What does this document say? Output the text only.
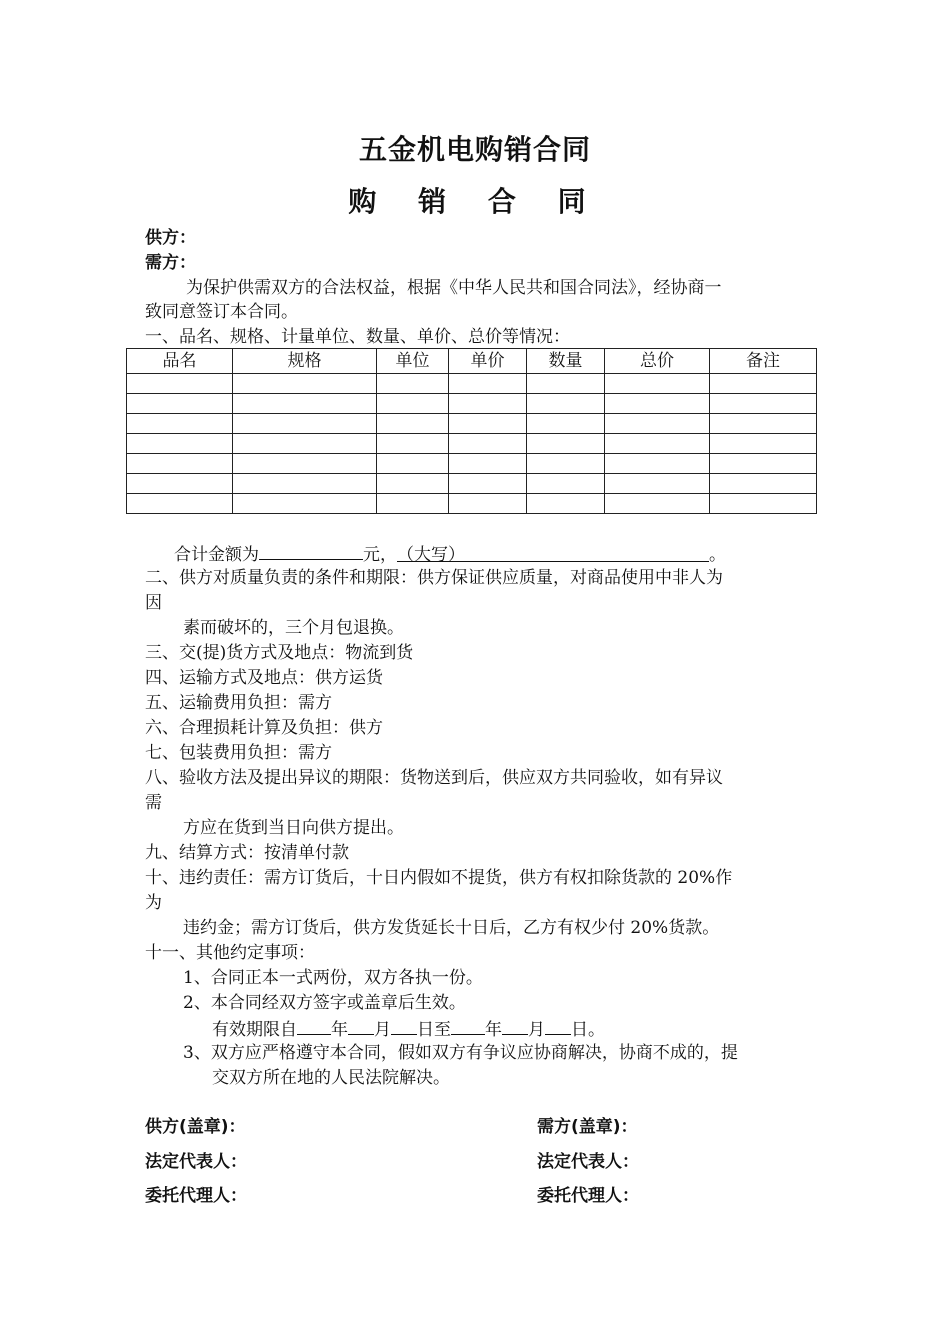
五金机电购销合同
购 销 合 同
供方：
需方：
为保护供需双方的合法权益，根据《中华人民共和国合同法》，经协商一
致同意签订本合同。
一、品名、规格、计量单位、数量、单价、总价等情况：
品名	规格	单位	单价	数量	总价	备注

合计金额为	元，（大写）	。
二、供方对质量负责的条件和期限：供方保证供应质量，对商品使用中非人为
因
素而破坏的，三个月包退换。
三、交(提)货方式及地点：物流到货
四、运输方式及地点：供方运货
五、运输费用负担：需方
六、合理损耗计算及负担：供方
七、包装费用负担：需方
八、验收方法及提出异议的期限：货物送到后，供应双方共同验收，如有异议
需
方应在货到当日向供方提出。
九、结算方式：按清单付款
十、违约责任：需方订货后，十日内假如不提货，供方有权扣除货款的 20%作
为
违约金；需方订货后，供方发货延长十日后，乙方有权少付 20%货款。
十一、其他约定事项：
1、合同正本一式两份，双方各执一份。
2、本合同经双方签字或盖章后生效。
有效期限自 年 月 日至 年 月 日。
3、双方应严格遵守本合同，假如双方有争议应协商解决，协商不成的，提
交双方所在地的人民法院解决。
供方(盖章)：	需方(盖章)：
法定代表人：	法定代表人：
委托代理人：	委托代理人：
